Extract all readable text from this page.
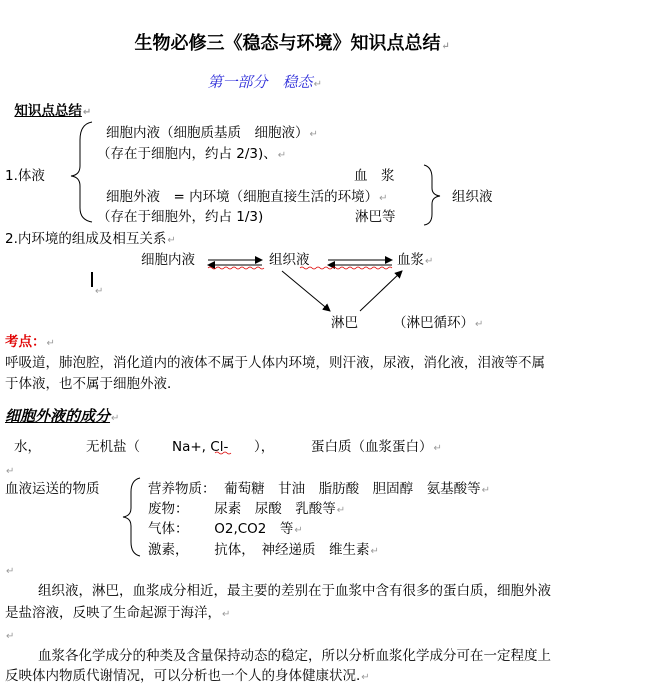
生物必修三《稳态与环境》知识点总结↵

第一部分　稳态↵

知识点总结↵

细胞内液（细胞质基质　细胞液）↵
（存在于细胞内，约占 2/3)、↵
1.体液	血　浆
细胞外液　= 内环境（细胞直接生活的环境）↵	组织液
（存在于细胞外，约占 1/3)	淋巴等
2.内环境的组成及相互关系↵
细胞内液	组织液	血浆↵
↵
淋巴	（淋巴循环）↵
考点：↵
呼吸道，肺泡腔，消化道内的液体不属于人体内环境，则汗液，尿液，消化液，泪液等不属
于体液，也不属于细胞外液．
细胞外液的成分↵
水，	无机盐（ Na+, Cl- ），	蛋白质（血浆蛋白）↵
↵
血液运送的物质	营养物质： 葡萄糖　甘油　脂肪酸　胆固醇　氨基酸等↵
废物： 尿素　尿酸　乳酸等↵
气体： O2,CO2　等↵
激素， 抗体，　神经递质　维生素↵
↵
组织液，淋巴，血浆成分相近，最主要的差别在于血浆中含有很多的蛋白质，细胞外液
是盐溶液，反映了生命起源于海洋，↵
↵
血浆各化学成分的种类及含量保持动态的稳定，所以分析血浆化学成分可在一定程度上
反映体内物质代谢情况，可以分析也一个人的身体健康状况.↵
